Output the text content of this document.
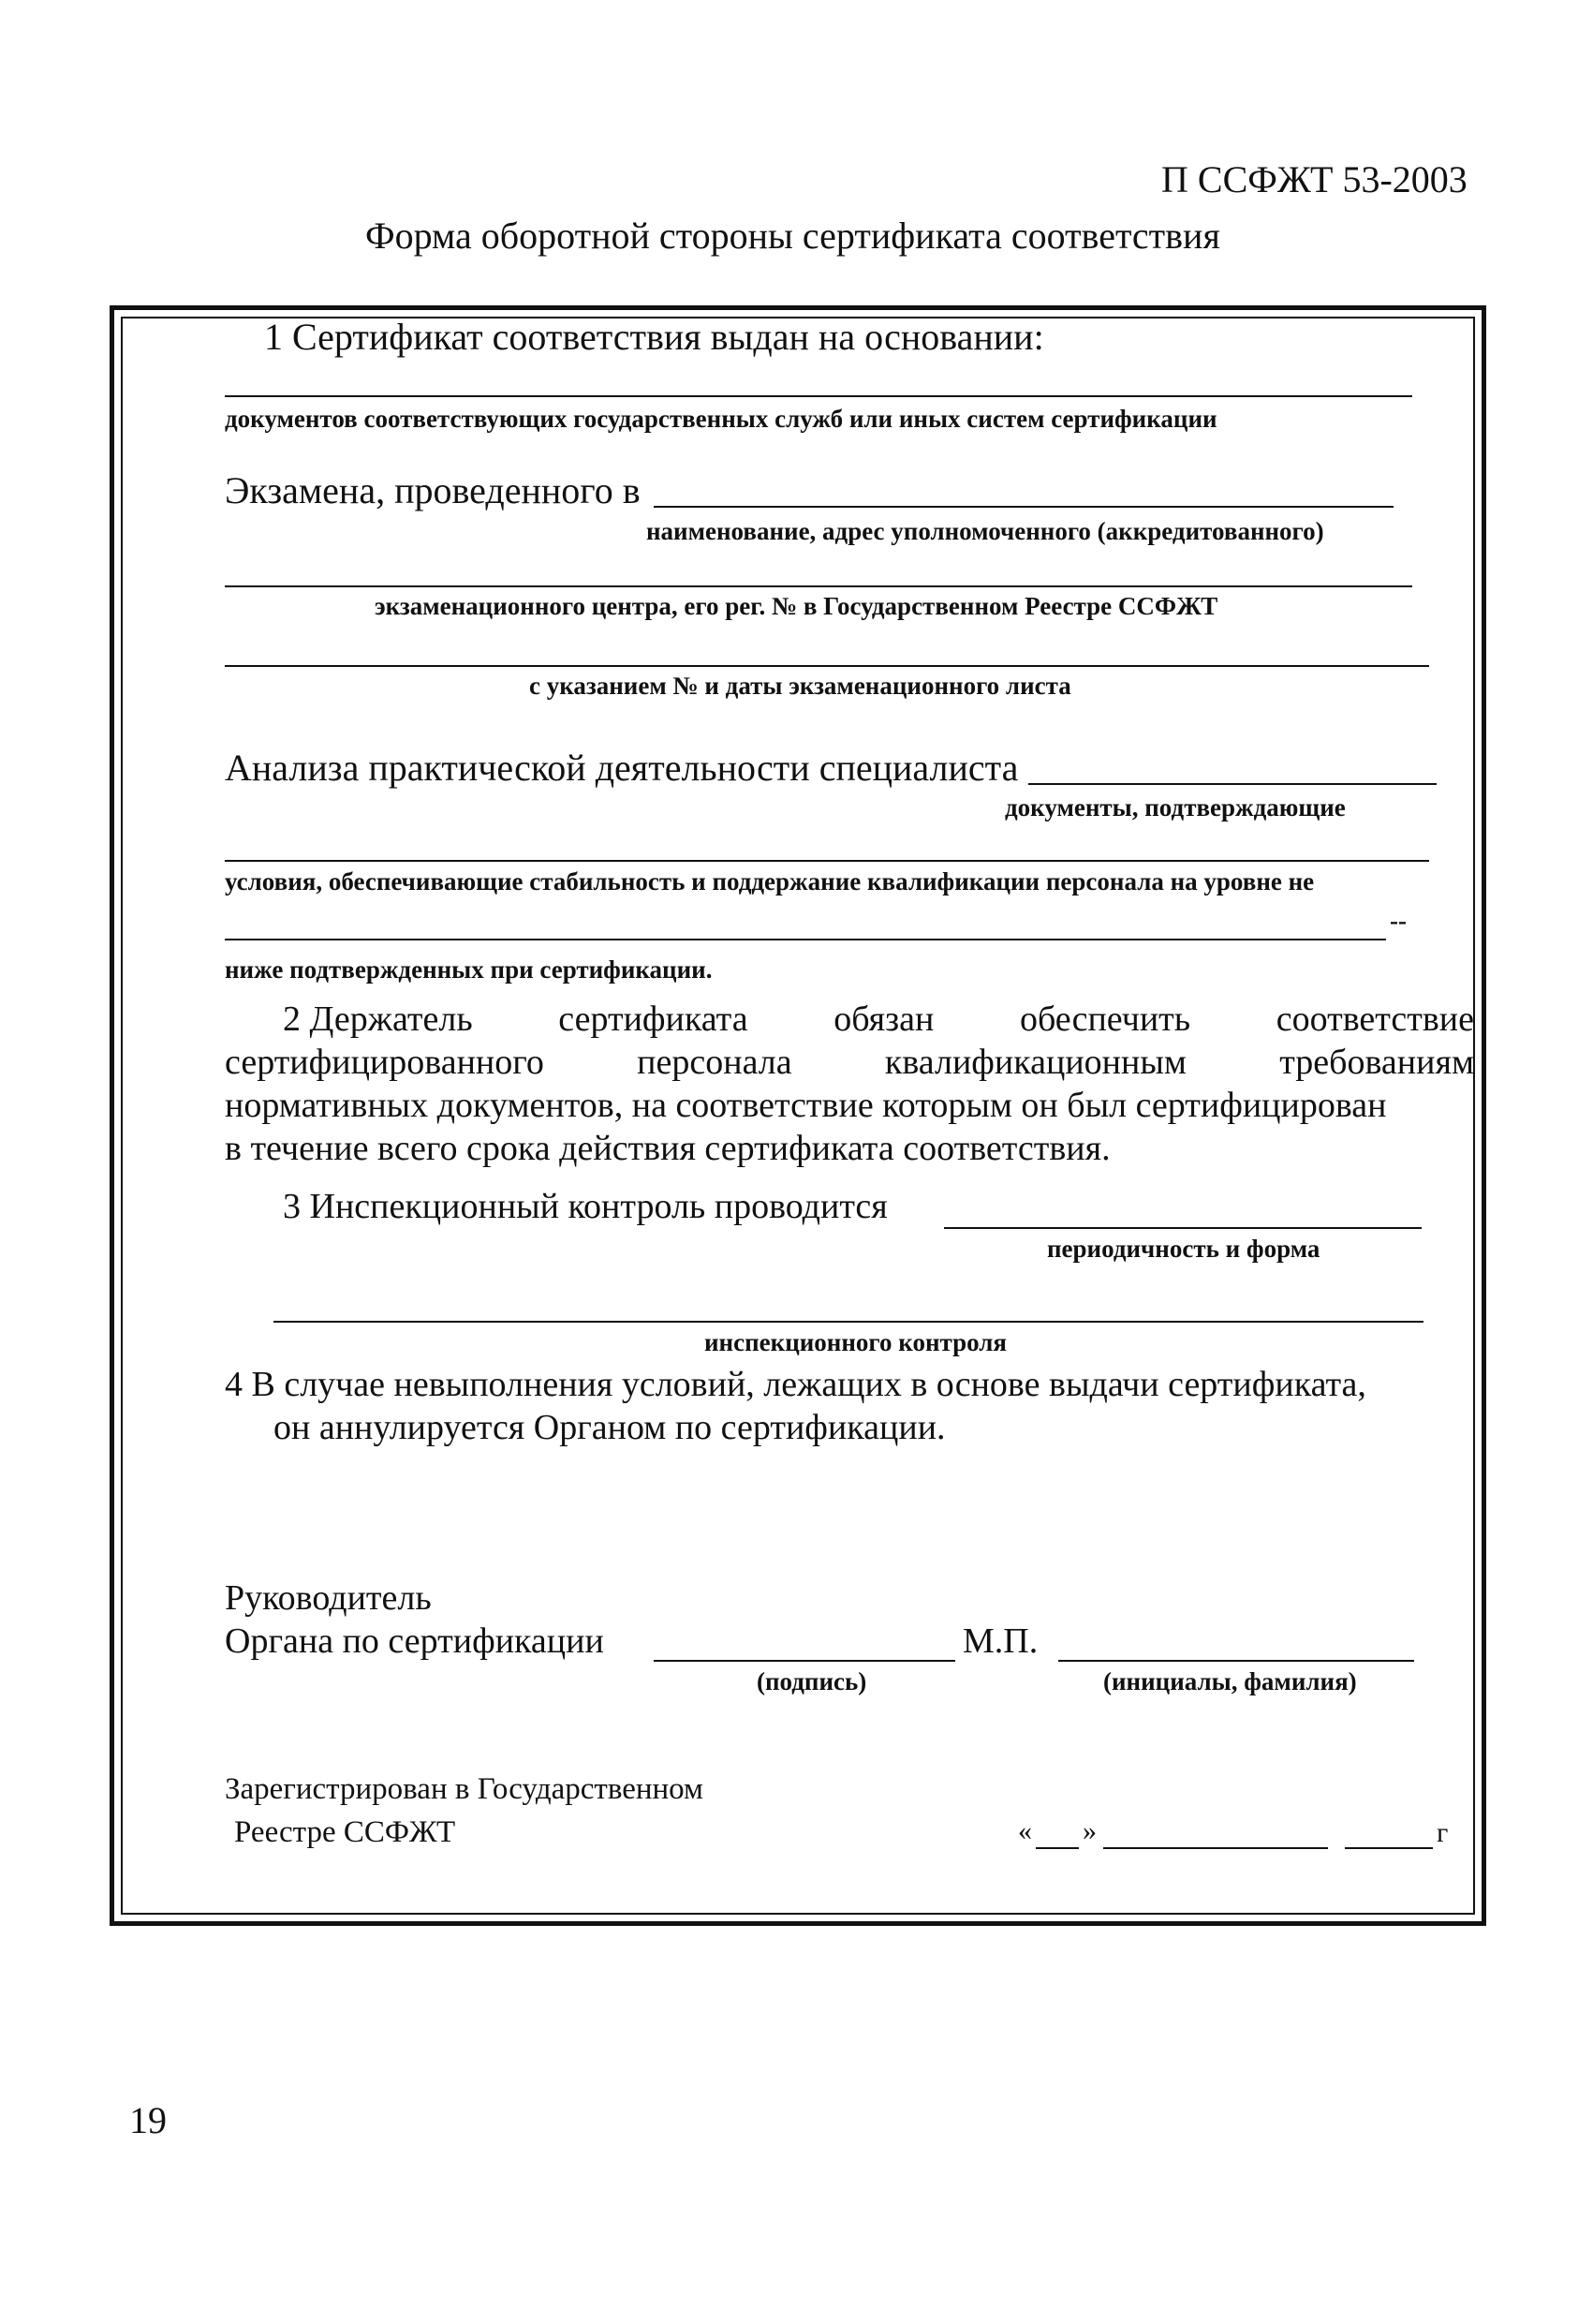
П ССФЖТ 53-2003
Форма оборотной стороны сертификата соответствия
1 Сертификат соответствия выдан на основании:
документов соответствующих государственных служб или иных систем сертификации
Экзамена, проведенного в
наименование, адрес уполномоченного (аккредитованного)
экзаменационного центра, его рег. № в Государственном Реестре ССФЖТ
с указанием № и даты экзаменационного листа
Анализа практической деятельности специалиста
документы, подтверждающие
условия, обеспечивающие стабильность и поддержание квалификации персонала на уровне не
--
ниже подтвержденных при сертификации.
2 Держатель сертификата обязан обеспечить соответствие
сертифицированного	персонала	квалификационным	требованиям
нормативных документов, на соответствие которым он был сертифицирован
в течение всего срока действия сертификата соответствия.
3 Инспекционный контроль проводится
периодичность и форма
инспекционного контроля
4 В случае невыполнения условий, лежащих в основе выдачи сертификата,
он аннулируется Органом по сертификации.
Руководитель
Органа по сертификации	М.П.
(подпись)	(инициалы, фамилия)
Зарегистрирован в Государственном
Реестре ССФЖТ	« »	г
19
